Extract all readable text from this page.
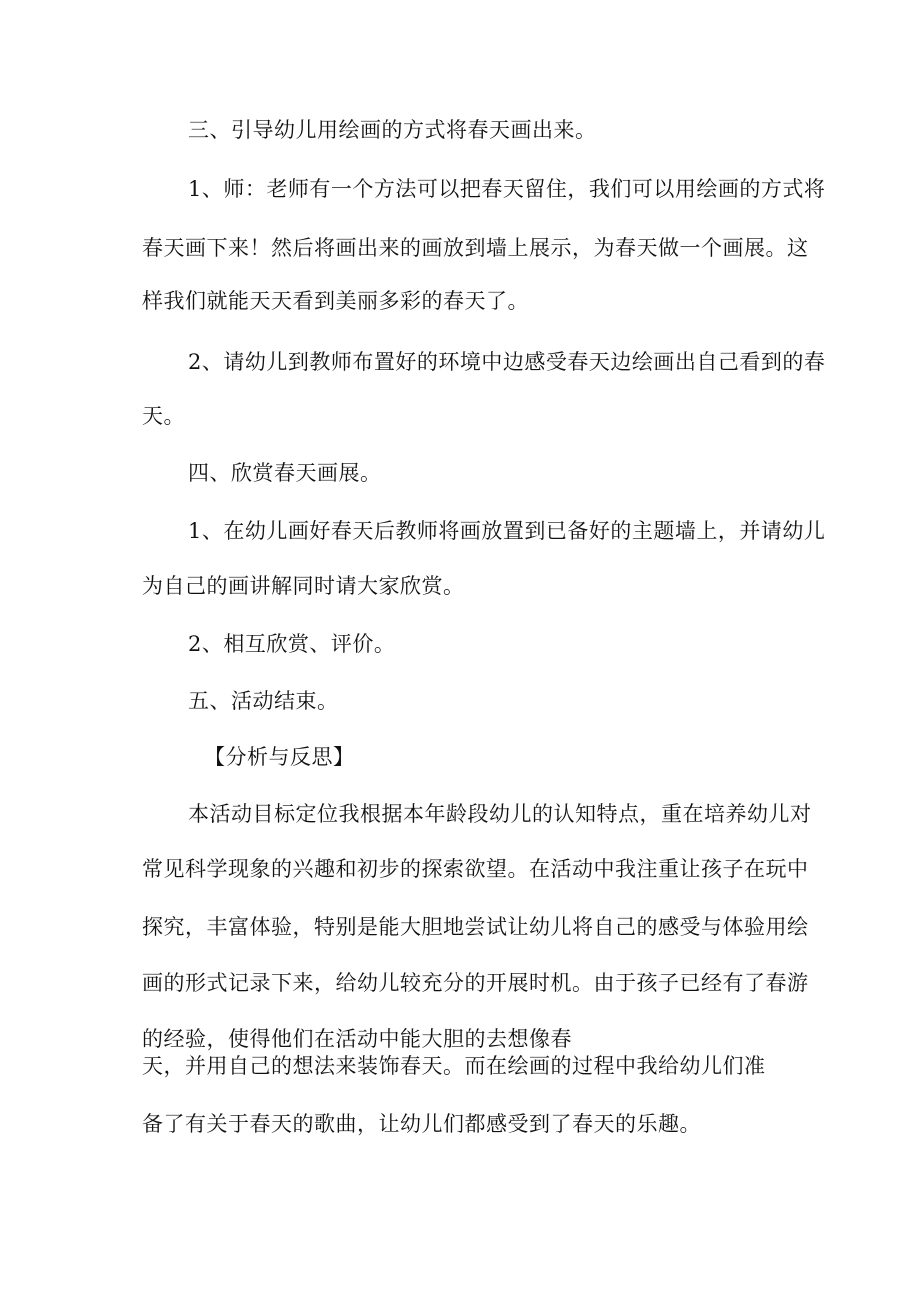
三、引导幼儿用绘画的方式将春天画出来。
1、师：老师有一个方法可以把春天留住，我们可以用绘画的方式将
春天画下来！然后将画出来的画放到墙上展示，为春天做一个画展。这
样我们就能天天看到美丽多彩的春天了。
2、请幼儿到教师布置好的环境中边感受春天边绘画出自己看到的春
天。
四、欣赏春天画展。
1、在幼儿画好春天后教师将画放置到已备好的主题墙上，并请幼儿
为自己的画讲解同时请大家欣赏。
2、相互欣赏、评价。
五、活动结束。
【分析与反思】
本活动目标定位我根据本年龄段幼儿的认知特点，重在培养幼儿对
常见科学现象的兴趣和初步的探索欲望。在活动中我注重让孩子在玩中
探究，丰富体验，特别是能大胆地尝试让幼儿将自己的感受与体验用绘
画的形式记录下来，给幼儿较充分的开展时机。由于孩子已经有了春游
的经验，使得他们在活动中能大胆的去想像春
天，并用自己的想法来装饰春天。而在绘画的过程中我给幼儿们准
备了有关于春天的歌曲，让幼儿们都感受到了春天的乐趣。
